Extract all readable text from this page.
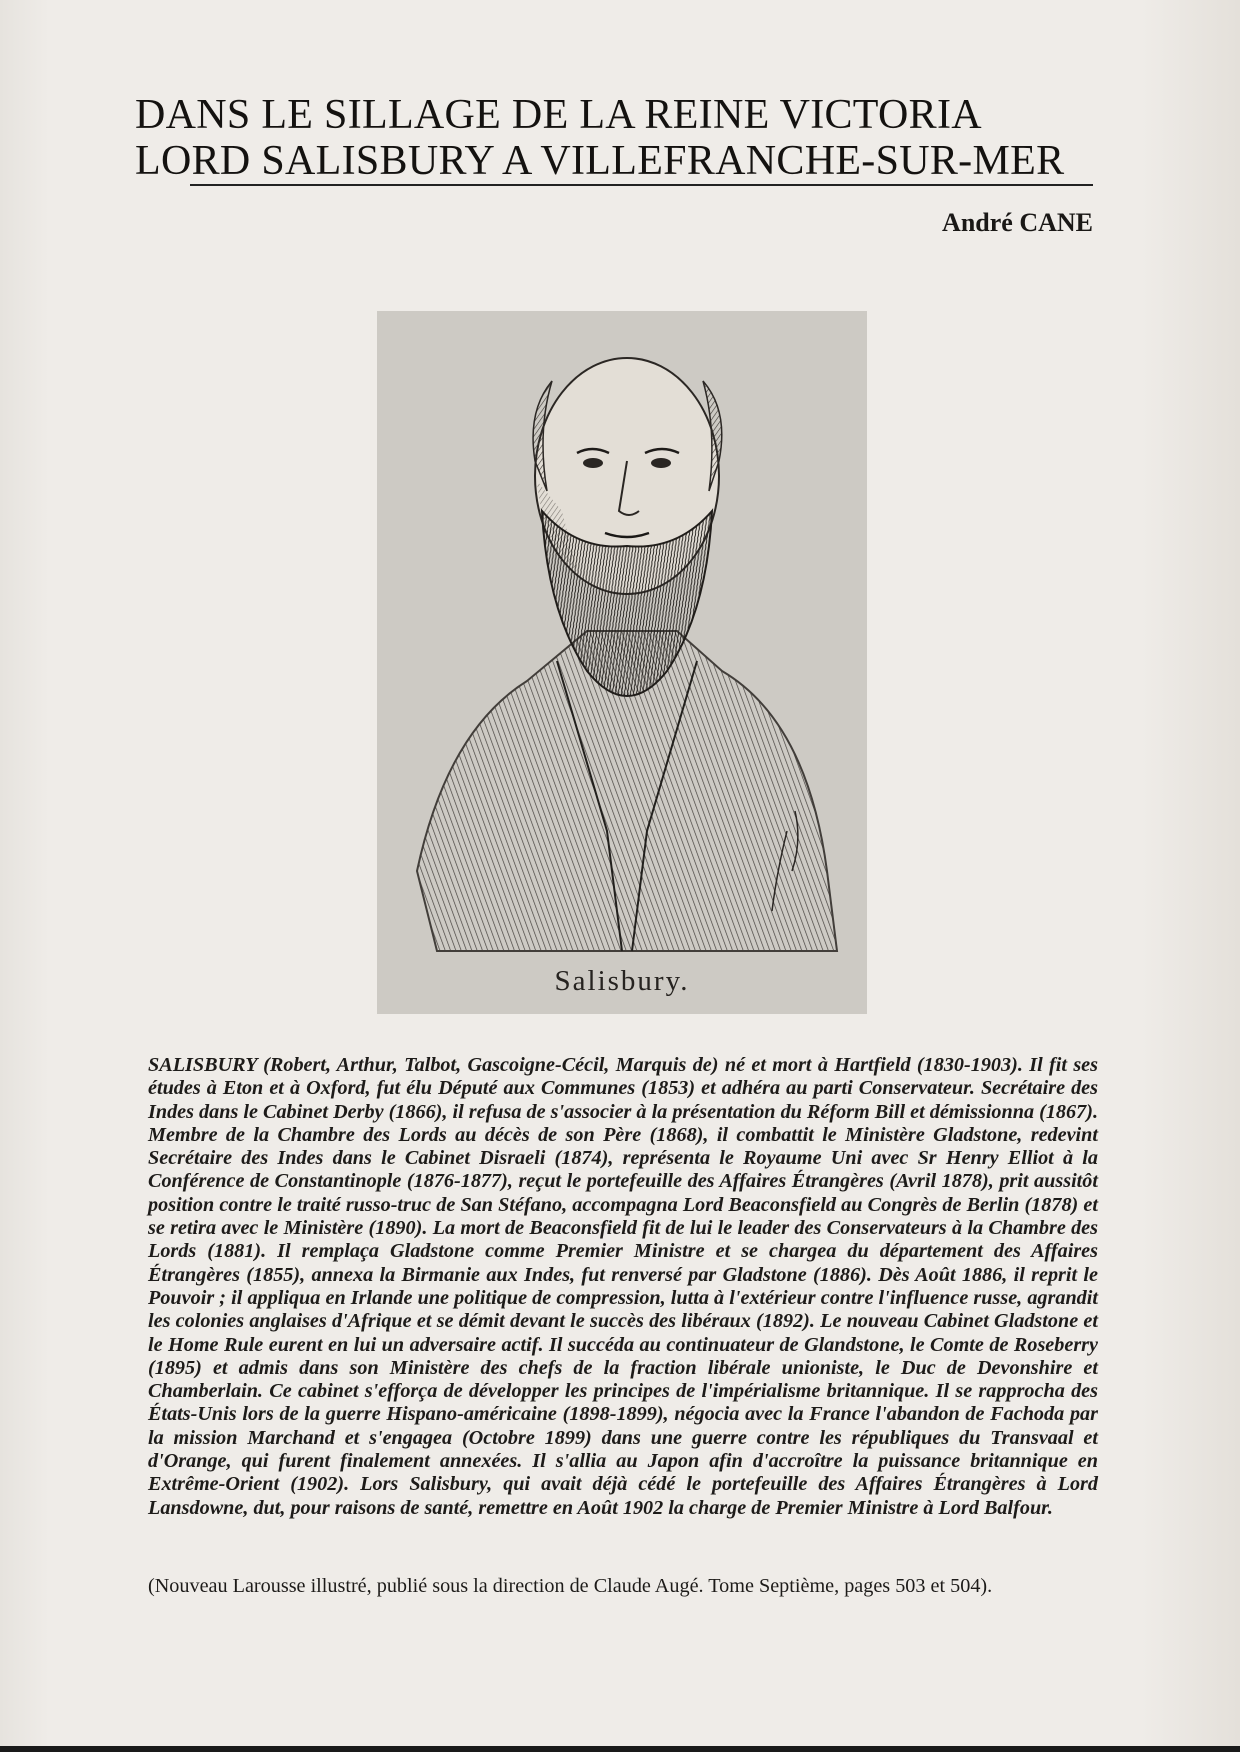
DANS LE SILLAGE DE LA REINE VICTORIA
LORD SALISBURY A VILLEFRANCHE-SUR-MER
André CANE
Salisbury.

SALISBURY (Robert, Arthur, Talbot, Gascoigne-Cécil, Marquis de) né et mort à Hartfield (1830-1903). Il fit ses études à Eton et à Oxford, fut élu Député aux Communes (1853) et adhéra au parti Conservateur. Secrétaire des Indes dans le Cabinet Derby (1866), il refusa de s'associer à la présentation du Réform Bill et démissionna (1867). Membre de la Chambre des Lords au décès de son Père (1868), il combattit le Ministère Gladstone, redevint Secrétaire des Indes dans le Cabinet Disraeli (1874), représenta le Royaume Uni avec Sr Henry Elliot à la Conférence de Constantinople (1876-1877), reçut le portefeuille des Affaires Étrangères (Avril 1878), prit aussitôt position contre le traité russo-truc de San Stéfano, accompagna Lord Beaconsfield au Congrès de Berlin (1878) et se retira avec le Ministère (1890). La mort de Beaconsfield fit de lui le leader des Conservateurs à la Chambre des Lords (1881). Il remplaça Gladstone comme Premier Ministre et se chargea du département des Affaires Étrangères (1855), annexa la Birmanie aux Indes, fut renversé par Gladstone (1886). Dès Août 1886, il reprit le Pouvoir ; il appliqua en Irlande une politique de compression, lutta à l'extérieur contre l'influence russe, agrandit les colonies anglaises d'Afrique et se démit devant le succès des libéraux (1892). Le nouveau Cabinet Gladstone et le Home Rule eurent en lui un adversaire actif. Il succéda au continuateur de Glandstone, le Comte de Roseberry (1895) et admis dans son Ministère des chefs de la fraction libérale unioniste, le Duc de Devonshire et Chamberlain. Ce cabinet s'efforça de développer les principes de l'impérialisme britannique. Il se rapprocha des États-Unis lors de la guerre Hispano-américaine (1898-1899), négocia avec la France l'abandon de Fachoda par la mission Marchand et s'engagea (Octobre 1899) dans une guerre contre les républiques du Transvaal et d'Orange, qui furent finalement annexées. Il s'allia au Japon afin d'accroître la puissance britannique en Extrême-Orient (1902). Lors Salisbury, qui avait déjà cédé le portefeuille des Affaires Étrangères à Lord Lansdowne, dut, pour raisons de santé, remettre en Août 1902 la charge de Premier Ministre à Lord Balfour.

(Nouveau Larousse illustré, publié sous la direction de Claude Augé. Tome Septième, pages 503 et 504).
